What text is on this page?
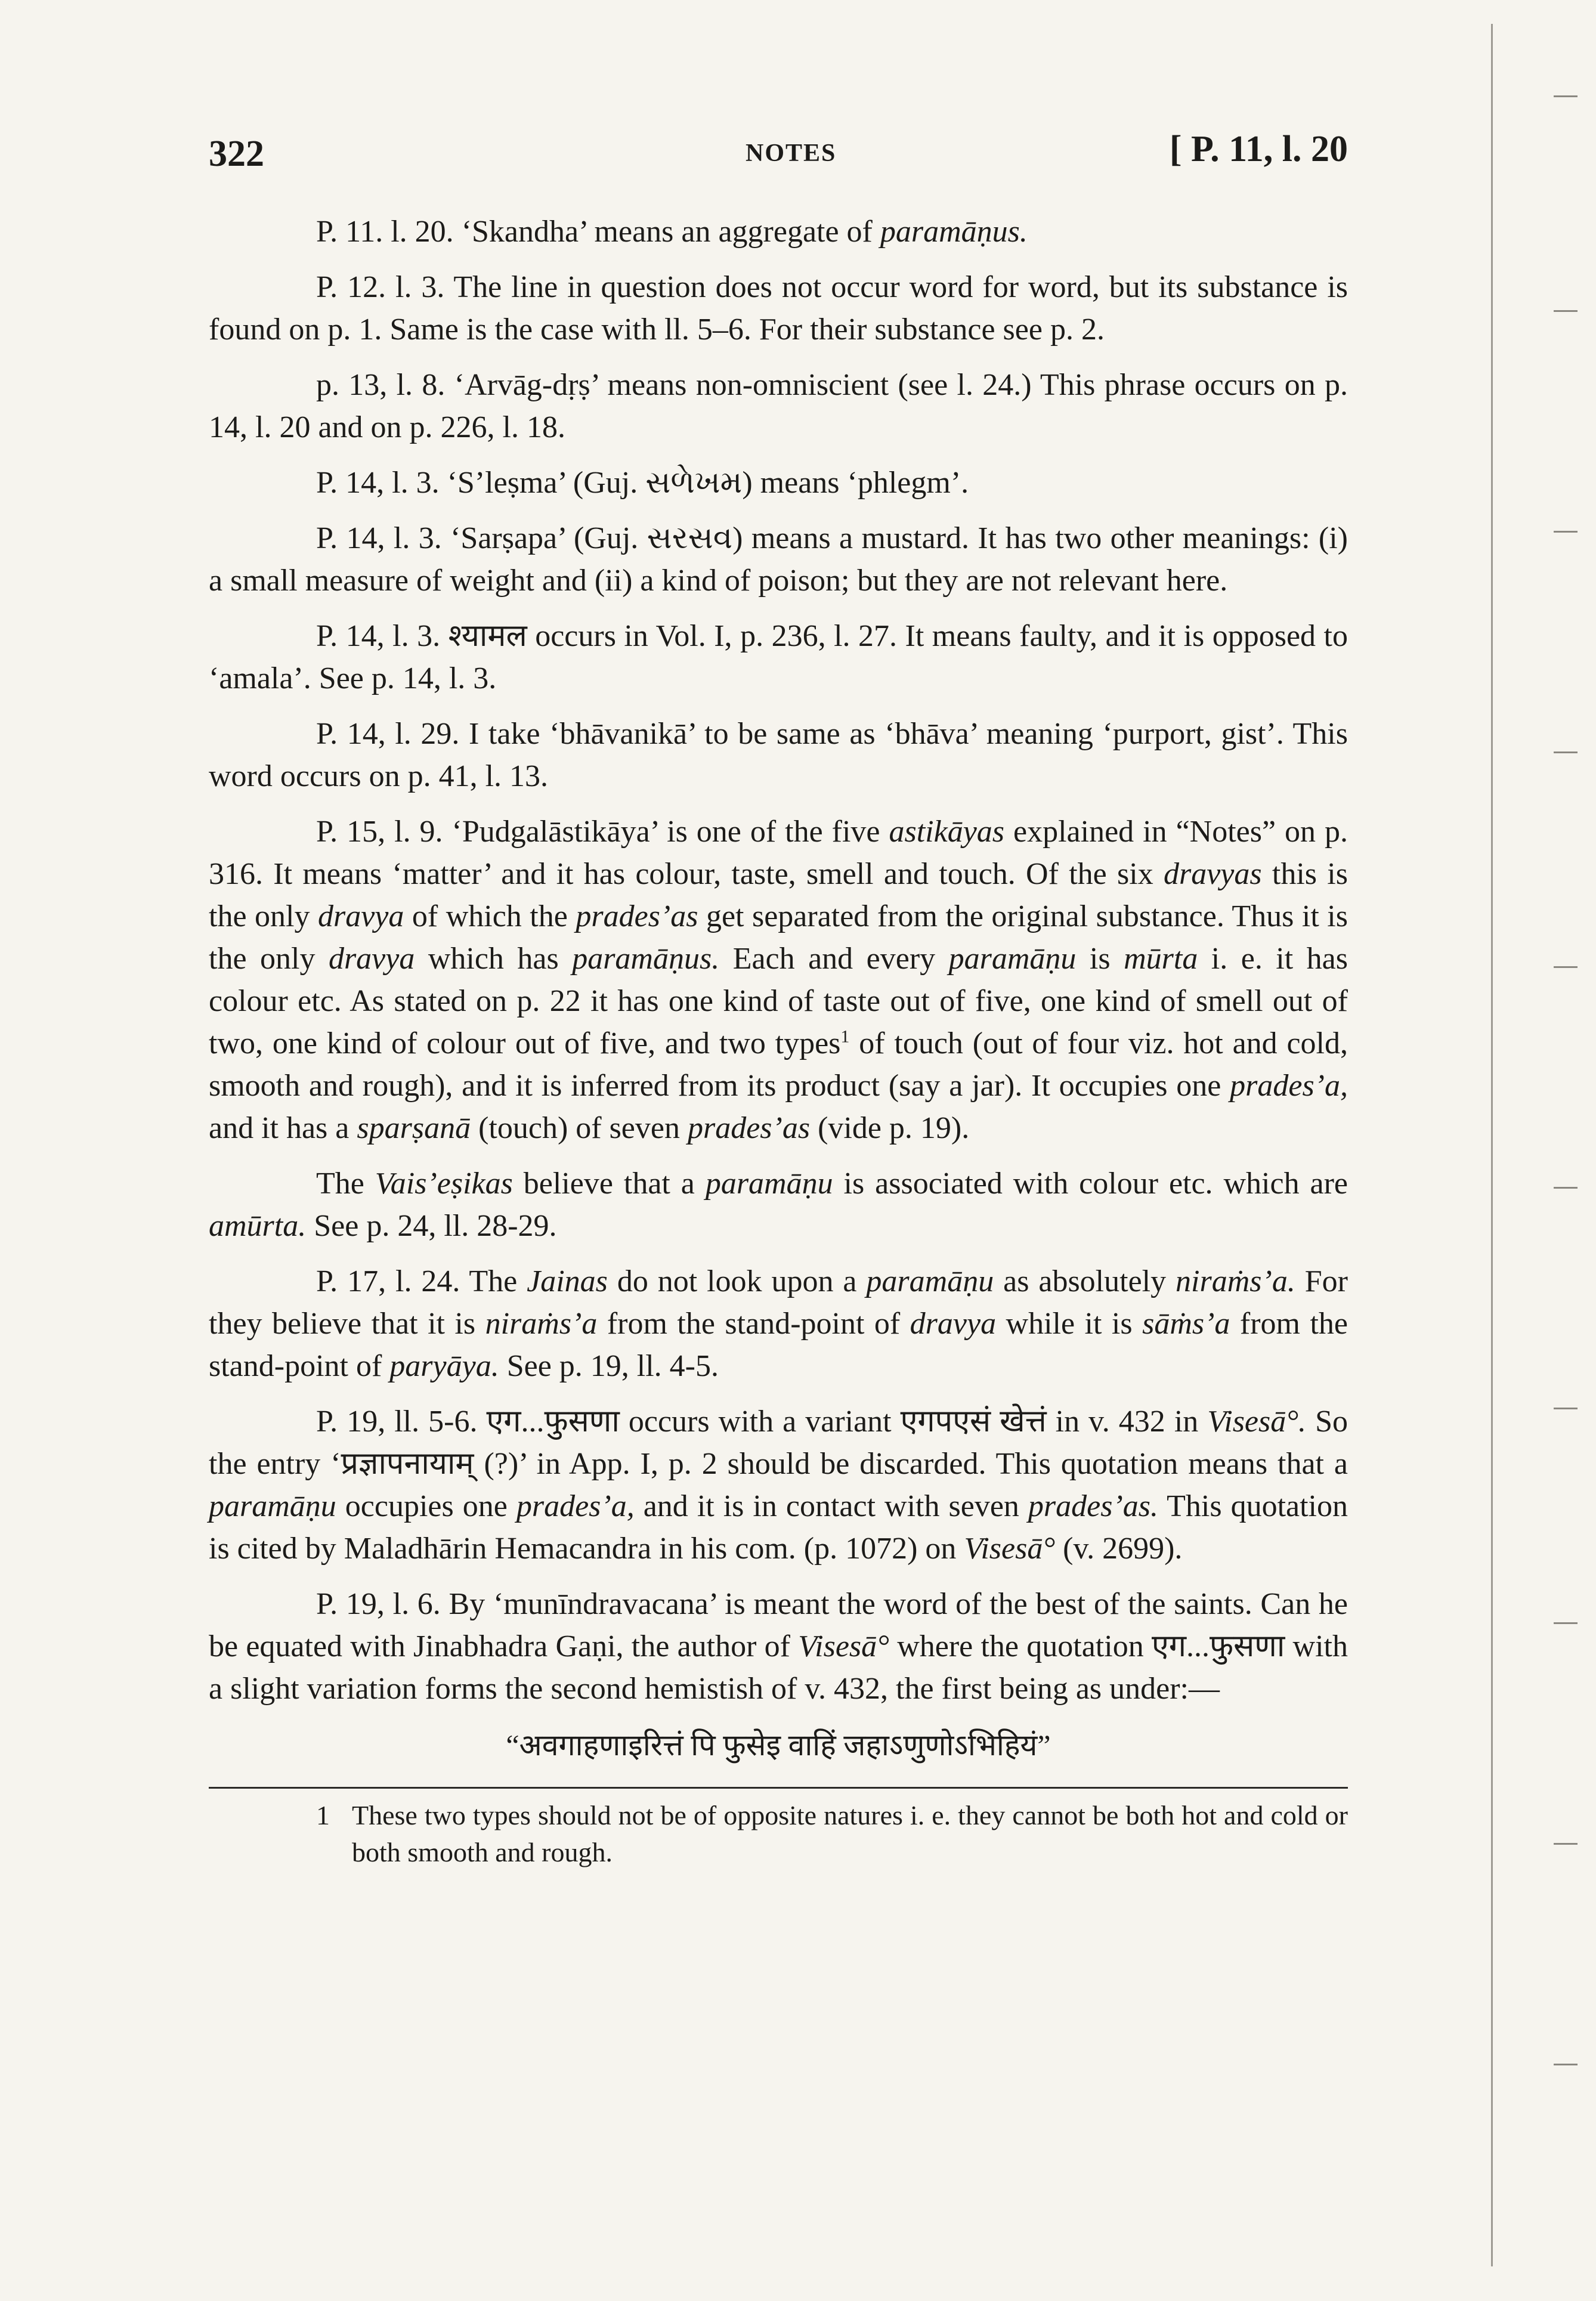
322	NOTES	[ P. 11, l. 20

P. 11. l. 20. ‘Skandha’ means an aggregate of paramāṇus.

P. 12. l. 3. The line in question does not occur word for word, but its substance is found on p. 1. Same is the case with ll. 5–6. For their substance see p. 2.

p. 13, l. 8. ‘Arvāg-dṛṣ’ means non-omniscient (see l. 24.) This phrase occurs on p. 14, l. 20 and on p. 226, l. 18.

P. 14, l. 3. ‘S’leṣma’ (Guj. સળેખમ) means ‘phlegm’.

P. 14, l. 3. ‘Sarṣapa’ (Guj. સરસવ) means a mustard. It has two other meanings: (i) a small measure of weight and (ii) a kind of poison; but they are not relevant here.

P. 14, l. 3. श्यामल occurs in Vol. I, p. 236, l. 27. It means faulty, and it is opposed to ‘amala’. See p. 14, l. 3.

P. 14, l. 29. I take ‘bhāvanikā’ to be same as ‘bhāva’ meaning ‘purport, gist’. This word occurs on p. 41, l. 13.

P. 15, l. 9. ‘Pudgalāstikāya’ is one of the five astikāyas explained in “Notes” on p. 316. It means ‘matter’ and it has colour, taste, smell and touch. Of the six dravyas this is the only dravya of which the prades’as get separated from the original substance. Thus it is the only dravya which has paramāṇus. Each and every paramāṇu is mūrta i. e. it has colour etc. As stated on p. 22 it has one kind of taste out of five, one kind of smell out of two, one kind of colour out of five, and two types$^1$ of touch (out of four viz. hot and cold, smooth and rough), and it is inferred from its product (say a jar). It occupies one prades’a, and it has a sparṣanā (touch) of seven prades’as (vide p. 19).

The Vais’eṣikas believe that a paramāṇu is associated with colour etc. which are amūrta. See p. 24, ll. 28-29.

P. 17, l. 24. The Jainas do not look upon a paramāṇu as absolutely niraṁs’a. For they believe that it is niraṁs’a from the stand-point of dravya while it is sāṁs’a from the stand-point of paryāya. See p. 19, ll. 4-5.

P. 19, ll. 5-6. एग...फुसणा occurs with a variant एगपएसं खेत्तं in v. 432 in Visesā°. So the entry ‘प्रज्ञापनायाम् (?)’ in App. I, p. 2 should be discarded. This quotation means that a paramāṇu occupies one prades’a, and it is in contact with seven prades’as. This quotation is cited by Maladhārin Hemacandra in his com. (p. 1072) on Visesā° (v. 2699).

P. 19, l. 6. By ‘munīndravacana’ is meant the word of the best of the saints. Can he be equated with Jinabhadra Gaṇi, the author of Visesā° where the quotation एग...फुसणा with a slight variation forms the second hemistish of v. 432, the first being as under:—

“अवगाहणाइरित्तं पि फुसेइ वाहिं जहाऽणुणोऽभिहियं”
1 These two types should not be of opposite natures i. e. they cannot be both hot and cold or both smooth and rough.
